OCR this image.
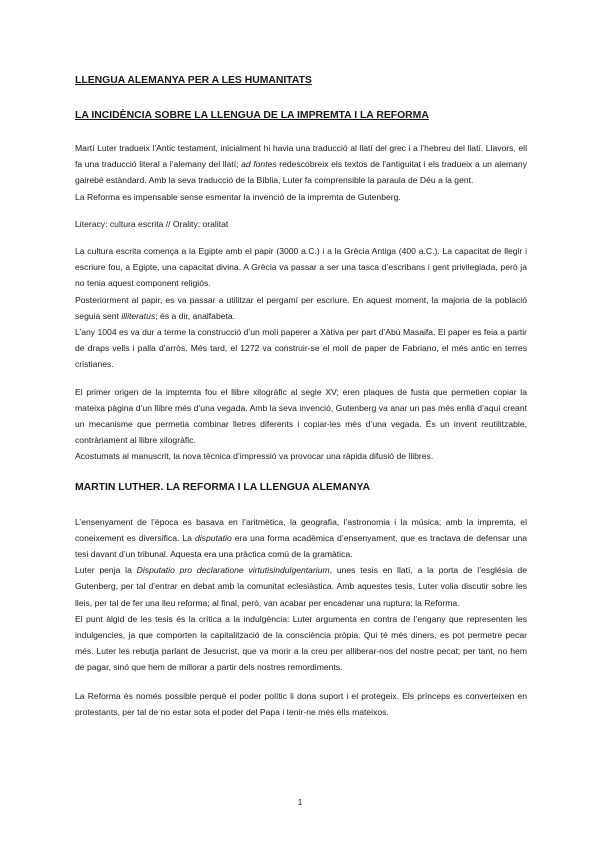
LLENGUA ALEMANYA PER A LES HUMANITATS
LA INCIDÈNCIA SOBRE LA LLENGUA DE LA IMPREMTA I LA REFORMA

Martí Luter tradueix l’Antic testament, inicialment hi havia una traducció al llatí del grec i a l’hebreu del llatí. Llavors, ell fa una traducció literal a l’alemany del llatí; ad fontes redescobreix els textos de l’antiguitat i els tradueix a un alemany gairebé estàndard. Amb la seva traducció de la Bíblia, Luter fa comprensible la paraula de Déu a la gent.

La Reforma es impensable sense esmentar la invenció de la impremta de Gutenberg.

Literacy: cultura escrita // Orality: oralitat

La cultura escrita comença a la Egipte amb el papir (3000 a.C.) i a la Grècia Antiga (400 a.C.). La capacitat de llegir i escriure fou, a Egipte, una capacitat divina. A Grècia va passar a ser una tasca d’escribans i gent privilegiada, però ja no tenia aquest component religiós.

Posteriorment al papir, es va passar a utilitzar el pergamí per escriure. En aquest moment, la majoria de la població seguia sent illiteratus; és a dir, analfabeta.

L’any 1004 es va dur a terme la construcció d’un molí paperer a Xàtiva per part d’Abú Masaifa. El paper es feia a partir de draps vells i palla d’arròs. Més tard, el 1272 va construir-se el molí de paper de Fabriano, el més antic en terres cristianes.

El primer origen de la imptemta fou el llibre xilogràfic al segle XV; eren plaques de fusta que permetien copiar la mateixa pàgina d’un llibre més d’una vegada. Amb la seva invenció, Gutenberg va anar un pas més enllà d’aquí creant un mecanisme que permetia combinar lletres diferents i copiar-les més d’una vegada. És un invent reutilitzable, contràriament al llibre xilogràfic.

Acostumats al manuscrit, la nova tècnica d’impressió va provocar una ràpida difusió de llibres.

MARTIN LUTHER. LA REFORMA I LA LLENGUA ALEMANYA

L’ensenyament de l’època es basava en l’aritmètica, la geografia, l’astronomia i la música; amb la impremta, el coneixement es diversifica. La disputatio era una forma acadèmica d’ensenyament, que es tractava de defensar una tesi davant d’un tribunal. Aquesta era una pràctica comú de la gramàtica.

Luter penja la Disputatio pro declaratione virtutisindulgentarium, unes tesis en llatí, a la porta de l’església de Gutenberg, per tal d’entrar en debat amb la comunitat eclesiàstica. Amb aquestes tesis, Luter volia discutir sobre les lleis, per tal de fer una lleu reforma; al final, però, van acabar per encadenar una ruptura: la Reforma.

El punt àlgid de les tesis és la crítica a la indulgència: Luter argumenta en contra de l’engany que representen les indulgencies, ja que comporten la capitalització de la consciència pròpia. Qui té més diners, es pot permetre pecar més. Luter les rebutja parlant de Jesucrist, que va morir a la creu per alliberar-nos del nostre pecat; per tant, no hem de pagar, sinó que hem de millorar a partir dels nostres remordiments.

La Reforma és només possible perquè el poder polític li dona suport i el protegeix. Els prínceps es converteixen en protestants, per tal de no estar sota el poder del Papa i tenir-ne més ells mateixos.

1
